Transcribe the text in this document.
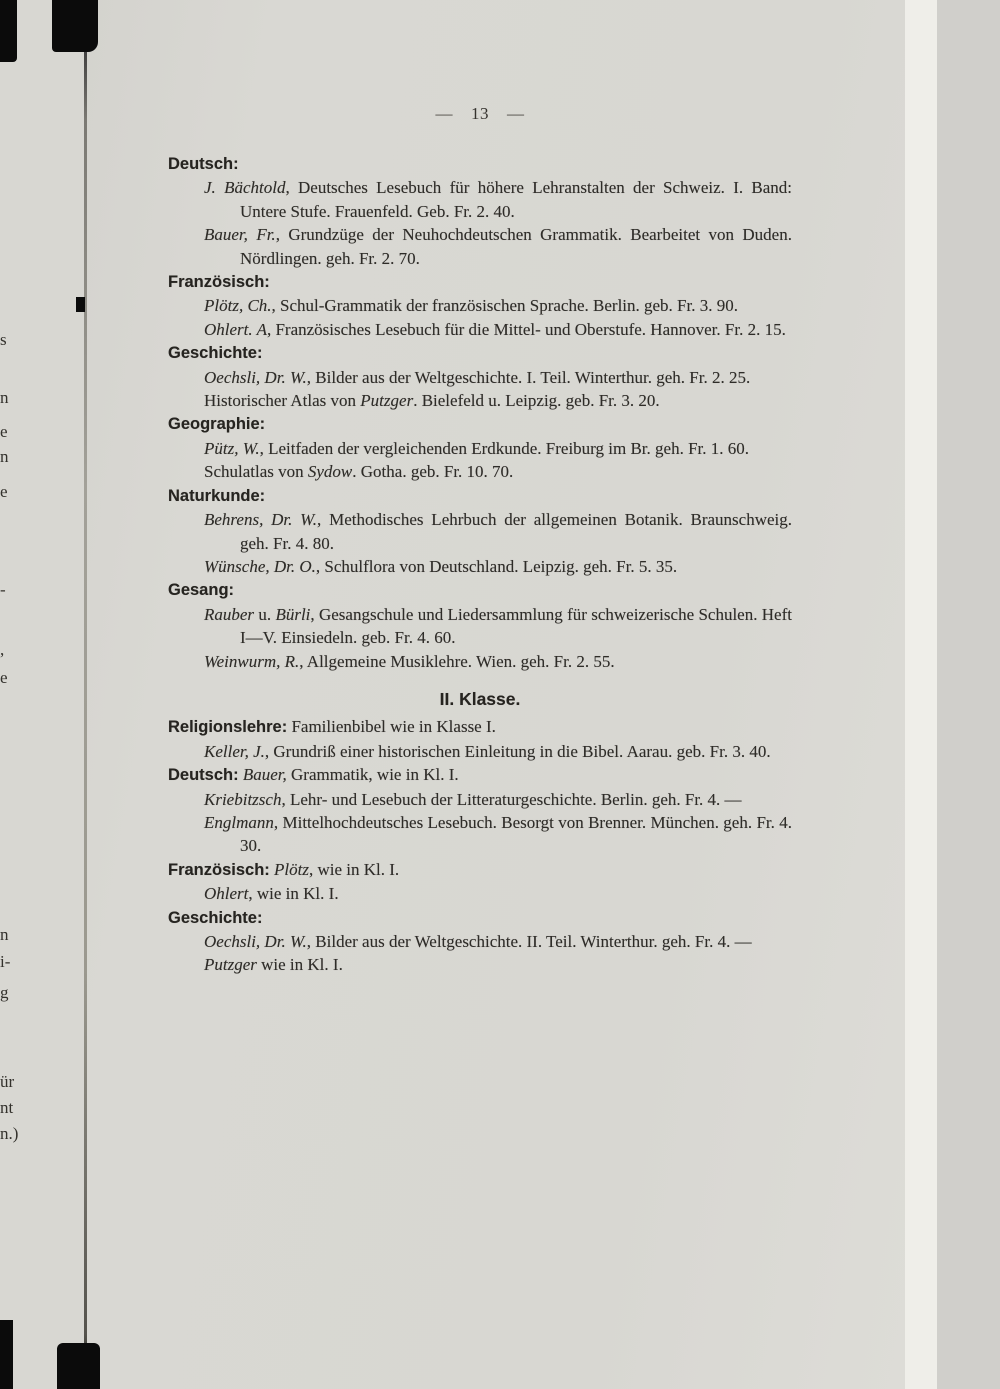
s
n
e
n
e
-
,
e
n
i-
g
ür
nt
n.)
— 13 —
Deutsch:
J. Bächtold, Deutsches Lesebuch für höhere Lehranstalten der Schweiz. I. Band: Untere Stufe. Frauenfeld. Geb. Fr. 2. 40.
Bauer, Fr., Grundzüge der Neuhochdeutschen Grammatik. Bearbeitet von Duden. Nördlingen. geh. Fr. 2. 70.
Französisch:
Plötz, Ch., Schul-Grammatik der französischen Sprache. Berlin. geb. Fr. 3. 90.
Ohlert. A, Französisches Lesebuch für die Mittel- und Oberstufe. Hannover. Fr. 2. 15.
Geschichte:
Oechsli, Dr. W., Bilder aus der Weltgeschichte. I. Teil. Winterthur. geh. Fr. 2. 25.
Historischer Atlas von Putzger. Bielefeld u. Leipzig. geb. Fr. 3. 20.
Geographie:
Pütz, W., Leitfaden der vergleichenden Erdkunde. Freiburg im Br. geh. Fr. 1. 60.
Schulatlas von Sydow. Gotha. geb. Fr. 10. 70.
Naturkunde:
Behrens, Dr. W., Methodisches Lehrbuch der allgemeinen Botanik. Braunschweig. geh. Fr. 4. 80.
Wünsche, Dr. O., Schulflora von Deutschland. Leipzig. geh. Fr. 5. 35.
Gesang:
Rauber u. Bürli, Gesangschule und Liedersammlung für schweizerische Schulen. Heft I—V. Einsiedeln. geb. Fr. 4. 60.
Weinwurm, R., Allgemeine Musiklehre. Wien. geh. Fr. 2. 55.
II. Klasse.
Religionslehre: Familienbibel wie in Klasse I.
Keller, J., Grundriß einer historischen Einleitung in die Bibel. Aarau. geb. Fr. 3. 40.
Deutsch: Bauer, Grammatik, wie in Kl. I.
Kriebitzsch, Lehr- und Lesebuch der Litteraturgeschichte. Berlin. geh. Fr. 4. —
Englmann, Mittelhochdeutsches Lesebuch. Besorgt von Brenner. München. geh. Fr. 4. 30.
Französisch: Plötz, wie in Kl. I.
Ohlert, wie in Kl. I.
Geschichte:
Oechsli, Dr. W., Bilder aus der Weltgeschichte. II. Teil. Winterthur. geh. Fr. 4. —
Putzger wie in Kl. I.
